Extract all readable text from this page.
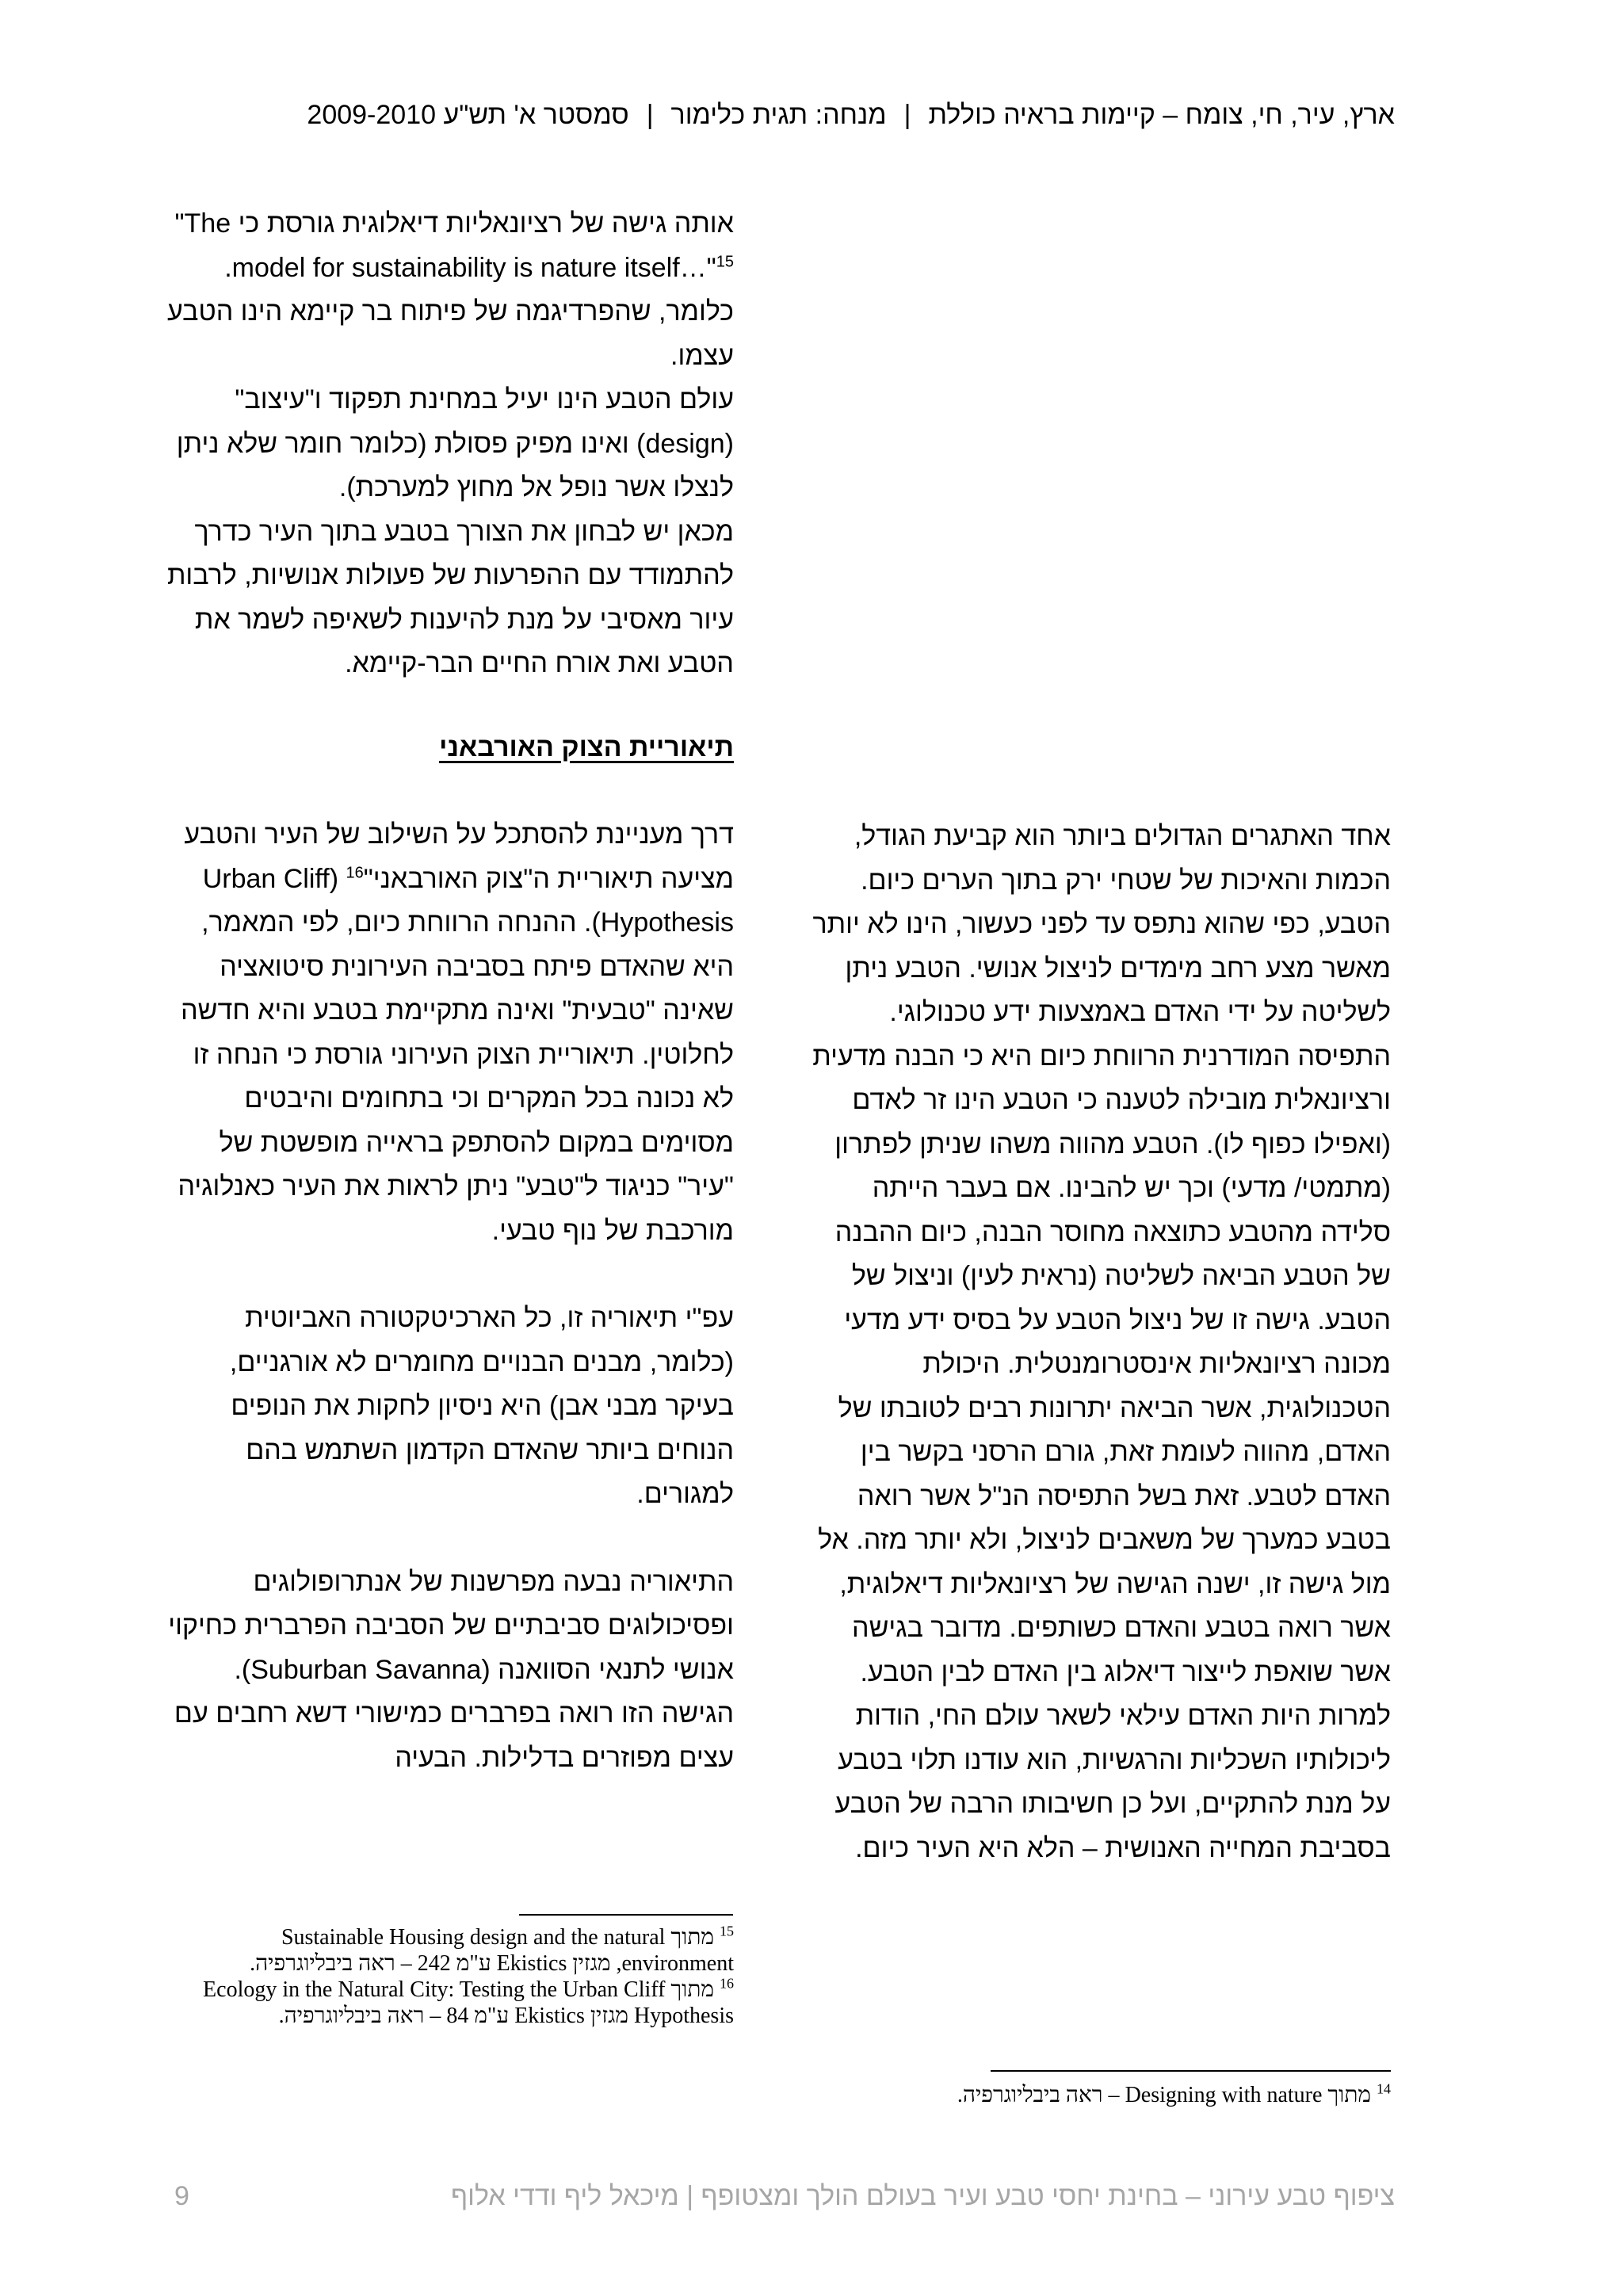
ארץ, עיר, חי, צומח – קיימות בראיה כוללת|מנחה: תגית כלימור|סמסטר א' תש"ע 2009-2010

אותה גישה של רציונאליות דיאלוגית גורסת כי "The model for sustainability is nature itself…"$^{15}$. כלומר, שהפרדיגמה של פיתוח בר קיימא הינו הטבע עצמו.

עולם הטבע הינו יעיל במחינת תפקוד ו"עיצוב" (design) ואינו מפיק פסולת (כלומר חומר שלא ניתן לנצלו אשר נופל אל מחוץ למערכת).

מכאן יש לבחון את הצורך בטבע בתוך העיר כדרך להתמודד עם ההפרעות של פעולות אנושיות, לרבות עיור מאסיבי על מנת להיענות לשאיפה לשמר את הטבע ואת אורח החיים הבר-קיימא.

תיאוריית הצוק האורבאני

דרך מעניינת להסתכל על השילוב של העיר והטבע מציעה תיאוריית ה"צוק האורבאני"$^{16}$ (Urban Cliff Hypothesis). ההנחה הרווחת כיום, לפי המאמר, היא שהאדם פיתח בסביבה העירונית סיטואציה שאינה "טבעית" ואינה מתקיימת בטבע והיא חדשה לחלוטין. תיאוריית הצוק העירוני גורסת כי הנחה זו לא נכונה בכל המקרים וכי בתחומים והיבטים מסוימים במקום להסתפק בראייה מופשטת של "עיר" כניגוד ל"טבע" ניתן לראות את העיר כאנלוגיה מורכבת של נוף טבעי.

עפ"י תיאוריה זו, כל הארכיטקטורה האביוטית (כלומר, מבנים הבנויים מחומרים לא אורגניים, בעיקר מבני אבן) היא ניסיון לחקות את הנופים הנוחים ביותר שהאדם הקדמון השתמש בהם למגורים.

התיאוריה נבעה מפרשנות של אנתרופולוגים ופסיכולוגים סביבתיים של הסביבה הפרברית כחיקוי אנושי לתנאי הסוואנה (Suburban Savanna). הגישה הזו רואה בפרברים כמישורי דשא רחבים עם עצים מפוזרים בדלילות. הבעיה

$^{15}$ מתוך Sustainable Housing design and the natural environment, מגזין Ekistics ע"מ 242 – ראה ביבליוגרפיה.

$^{16}$ מתוך Ecology in the Natural City: Testing the Urban Cliff Hypothesis מגזין Ekistics ע"מ 84 – ראה ביבליוגרפיה.

אחד האתגרים הגדולים ביותר הוא קביעת הגודל, הכמות והאיכות של שטחי ירק בתוך הערים כיום.

הטבע, כפי שהוא נתפס עד לפני כעשור, הינו לא יותר מאשר מצע רחב מימדים לניצול אנושי. הטבע ניתן לשליטה על ידי האדם באמצעות ידע טכנולוגי. התפיסה המודרנית הרווחת כיום היא כי הבנה מדעית ורציונאלית מובילה לטענה כי הטבע הינו זר לאדם (ואפילו כפוף לו). הטבע מהווה משהו שניתן לפתרון (מתמטי/ מדעי) וכך יש להבינו. אם בעבר הייתה סלידה מהטבע כתוצאה מחוסר הבנה, כיום ההבנה של הטבע הביאה לשליטה (נראית לעין) וניצול של הטבע. גישה זו של ניצול הטבע על בסיס ידע מדעי מכונה רציונאליות אינסטרומנטלית. היכולת הטכנולוגית, אשר הביאה יתרונות רבים לטובתו של האדם, מהווה לעומת זאת, גורם הרסני בקשר בין האדם לטבע. זאת בשל התפיסה הנ"ל אשר רואה בטבע כמערך של משאבים לניצול, ולא יותר מזה. אל מול גישה זו, ישנה הגישה של רציונאליות דיאלוגית, אשר רואה בטבע והאדם כשותפים. מדובר בגישה אשר שואפת לייצור דיאלוג בין האדם לבין הטבע. למרות היות האדם עילאי לשאר עולם החי, הודות ליכולותיו השכליות והרגשיות, הוא עודנו תלוי בטבע על מנת להתקיים, ועל כן חשיבותו הרבה של הטבע בסביבת המחייה האנושית – הלא היא העיר כיום.

$^{14}$ מתוך Designing with nature – ראה ביבליוגרפיה.

ציפוף טבע עירוני – בחינת יחסי טבע ועיר בעולם הולך ומצטופף | מיכאל ליף ודדי אלוף
9
